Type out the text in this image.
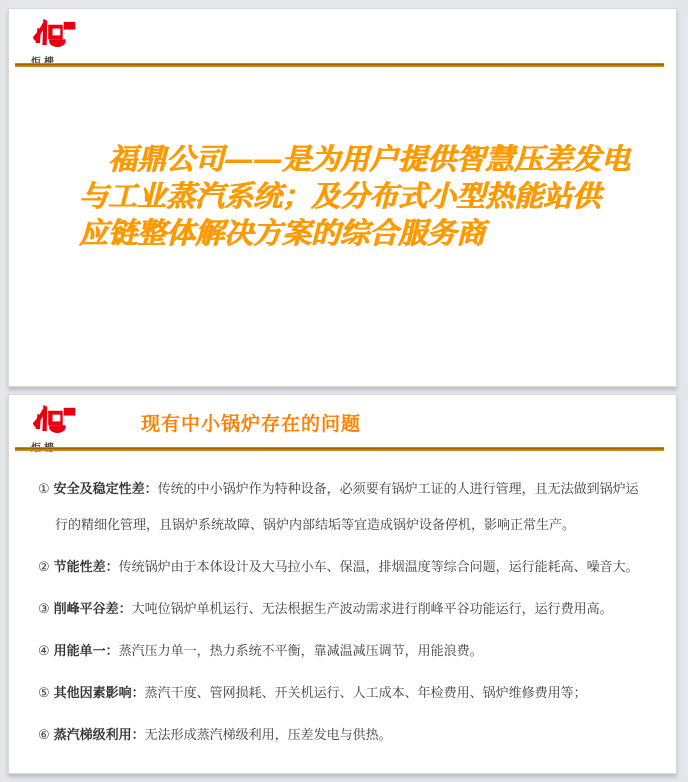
福鼎公司——是为用户提供智慧压差发电
与工业蒸汽系统；及分布式小型热能站供
应链整体解决方案的综合服务商
现有中小锅炉存在的问题
① 安全及稳定性差：传统的中小锅炉作为特种设备，必须要有锅炉工证的人进行管理，且无法做到锅炉运行的精细化管理，且锅炉系统故障、锅炉内部结垢等宜造成锅炉设备停机，影响正常生产。
② 节能性差：传统锅炉由于本体设计及大马拉小车、保温，排烟温度等综合问题，运行能耗高、噪音大。
③ 削峰平谷差：大吨位锅炉单机运行、无法根据生产波动需求进行削峰平谷功能运行，运行费用高。
④ 用能单一：蒸汽压力单一，热力系统不平衡，靠减温减压调节，用能浪费。
⑤ 其他因素影响：蒸汽干度、管网损耗、开关机运行、人工成本、年检费用、锅炉维修费用等；
⑥ 蒸汽梯级利用：无法形成蒸汽梯级利用，压差发电与供热。
